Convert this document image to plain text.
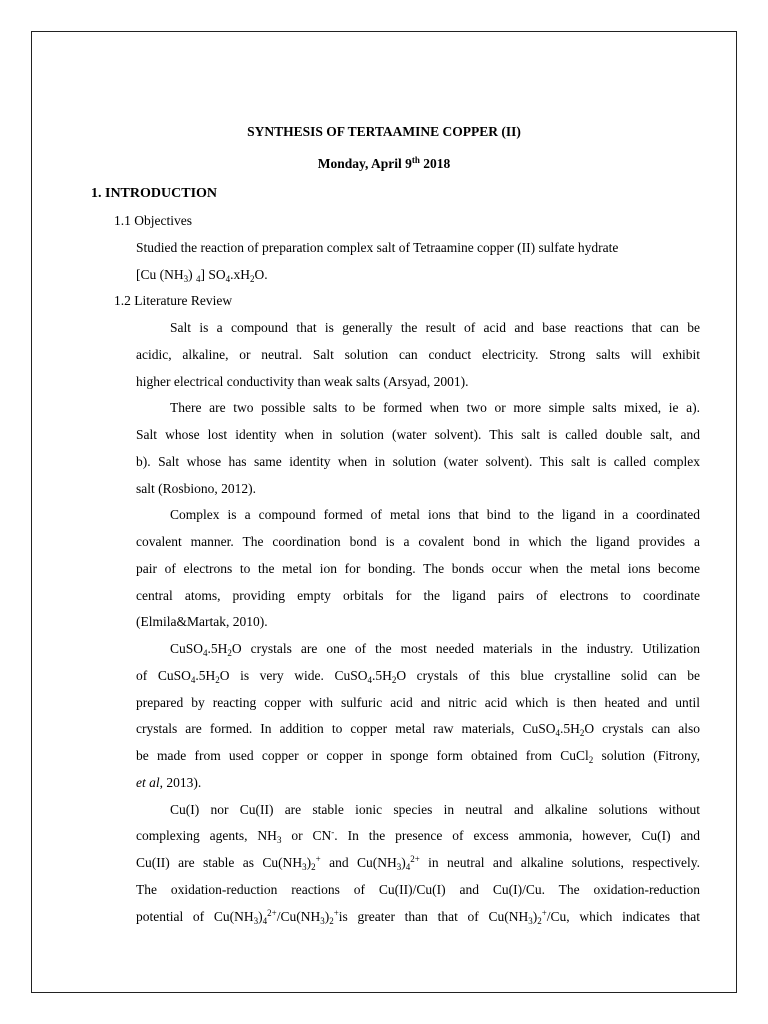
SYNTHESIS OF TERTAAMINE COPPER (II)
Monday, April 9th 2018
1. INTRODUCTION
1.1 Objectives
Studied the reaction of preparation complex salt of Tetraamine copper (II) sulfate hydrate
[Cu $(NH_3)$ $_4$] $SO_4.xH_2O$.
1.2 Literature Review
Salt is a compound that is generally the result of acid and base reactions that can be
acidic, alkaline, or neutral. Salt solution can conduct electricity. Strong salts will exhibit
higher electrical conductivity than weak salts (Arsyad, 2001).
There are two possible salts to be formed when two or more simple salts mixed, ie a).
Salt whose lost identity when in solution (water solvent). This salt is called double salt, and
b). Salt whose has same identity when in solution (water solvent). This salt is called complex
salt (Rosbiono, 2012).
Complex is a compound formed of metal ions that bind to the ligand in a coordinated
covalent manner. The coordination bond is a covalent bond in which the ligand provides a
pair of electrons to the metal ion for bonding. The bonds occur when the metal ions become
central atoms, providing empty orbitals for the ligand pairs of electrons to coordinate
(Elmila&Martak, 2010).
$CuSO_4.5H_2O$ crystals are one of the most needed materials in the industry. Utilization
of $CuSO_4.5H_2O$ is very wide. $CuSO_4.5H_2O$ crystals of this blue crystalline solid can be
prepared by reacting copper with sulfuric acid and nitric acid which is then heated and until
crystals are formed. In addition to copper metal raw materials, $CuSO_4.5H_2O$ crystals can also
be made from used copper or copper in sponge form obtained from CuCl$_2$ solution (Fitrony,
et al, 2013).
Cu(I) nor Cu(II) are stable ionic species in neutral and alkaline solutions without
complexing agents, $NH_3$ or CN-. In the presence of excess ammonia, however, Cu(I) and
Cu(II) are stable as $Cu(NH_3)_2^+$ and $Cu(NH_3)_4^{2+}$ in neutral and alkaline solutions, respectively.
The oxidation-reduction reactions of Cu(II)/Cu(I) and Cu(I)/Cu. The oxidation-reduction
potential of $Cu(NH_3)_4^{2+}/Cu(NH_3)_2^+is$ greater than that of $Cu(NH_3)_2^+/Cu$, which indicates that
